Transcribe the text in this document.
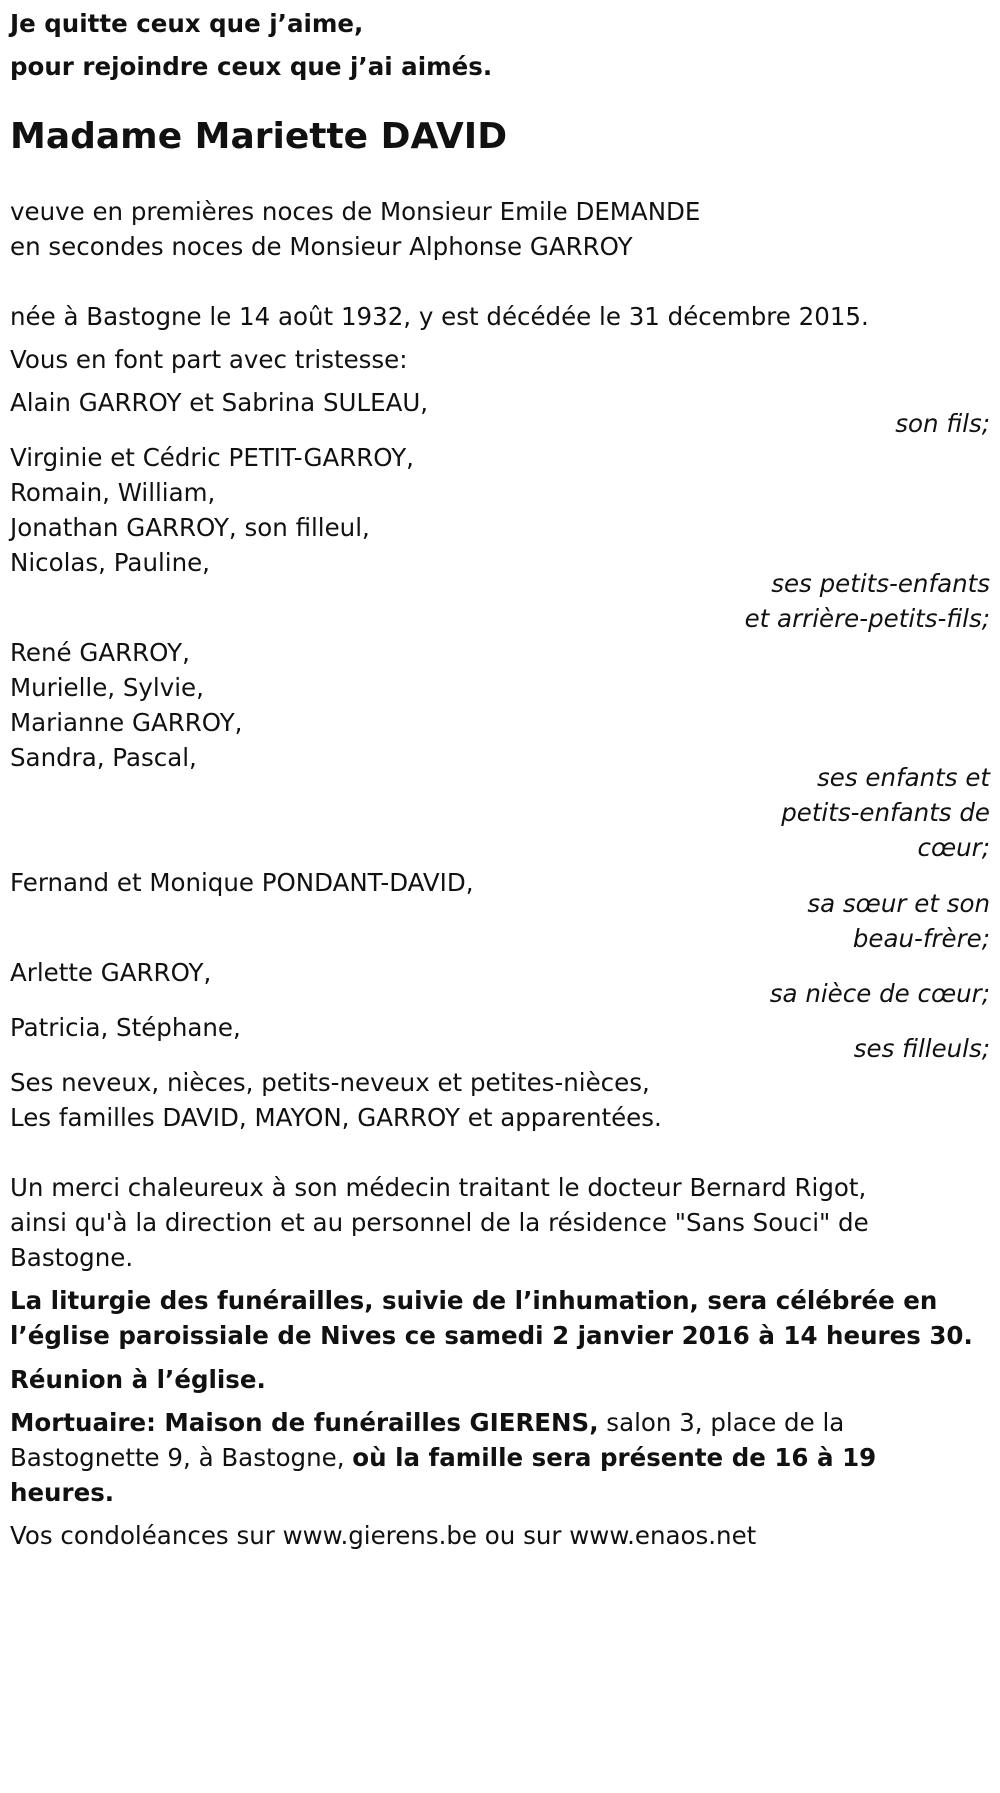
Je quitte ceux que j’aime,

pour rejoindre ceux que j’ai aimés.

Madame Mariette DAVID

veuve en premières noces de Monsieur Emile DEMANDE

en secondes noces de Monsieur Alphonse GARROY

née à Bastogne le 14 août 1932, y est décédée le 31 décembre 2015.

Vous en font part avec tristesse:

Alain GARROY et Sabrina SULEAU,

son fils;

Virginie et Cédric PETIT-GARROY,

Romain, William,

Jonathan GARROY, son filleul,

Nicolas, Pauline,

ses petits-enfants

et arrière-petits-fils;

René GARROY,

Murielle, Sylvie,

Marianne GARROY,

Sandra, Pascal,

ses enfants et

petits-enfants de

cœur;

Fernand et Monique PONDANT-DAVID,

sa sœur et son

beau-frère;

Arlette GARROY,

sa nièce de cœur;

Patricia, Stéphane,

ses filleuls;

Ses neveux, nièces, petits-neveux et petites-nièces,

Les familles DAVID, MAYON, GARROY et apparentées.

Un merci chaleureux à son médecin traitant le docteur Bernard Rigot,

ainsi qu'à la direction et au personnel de la résidence "Sans Souci" de

Bastogne.

La liturgie des funérailles, suivie de l’inhumation, sera célébrée en

l’église paroissiale de Nives ce samedi 2 janvier 2016 à 14 heures 30.

Réunion à l’église.

Mortuaire: Maison de funérailles GIERENS, salon 3, place de la

Bastognette 9, à Bastogne, où la famille sera présente de 16 à 19

heures.

Vos condoléances sur www.gierens.be ou sur www.enaos.net
